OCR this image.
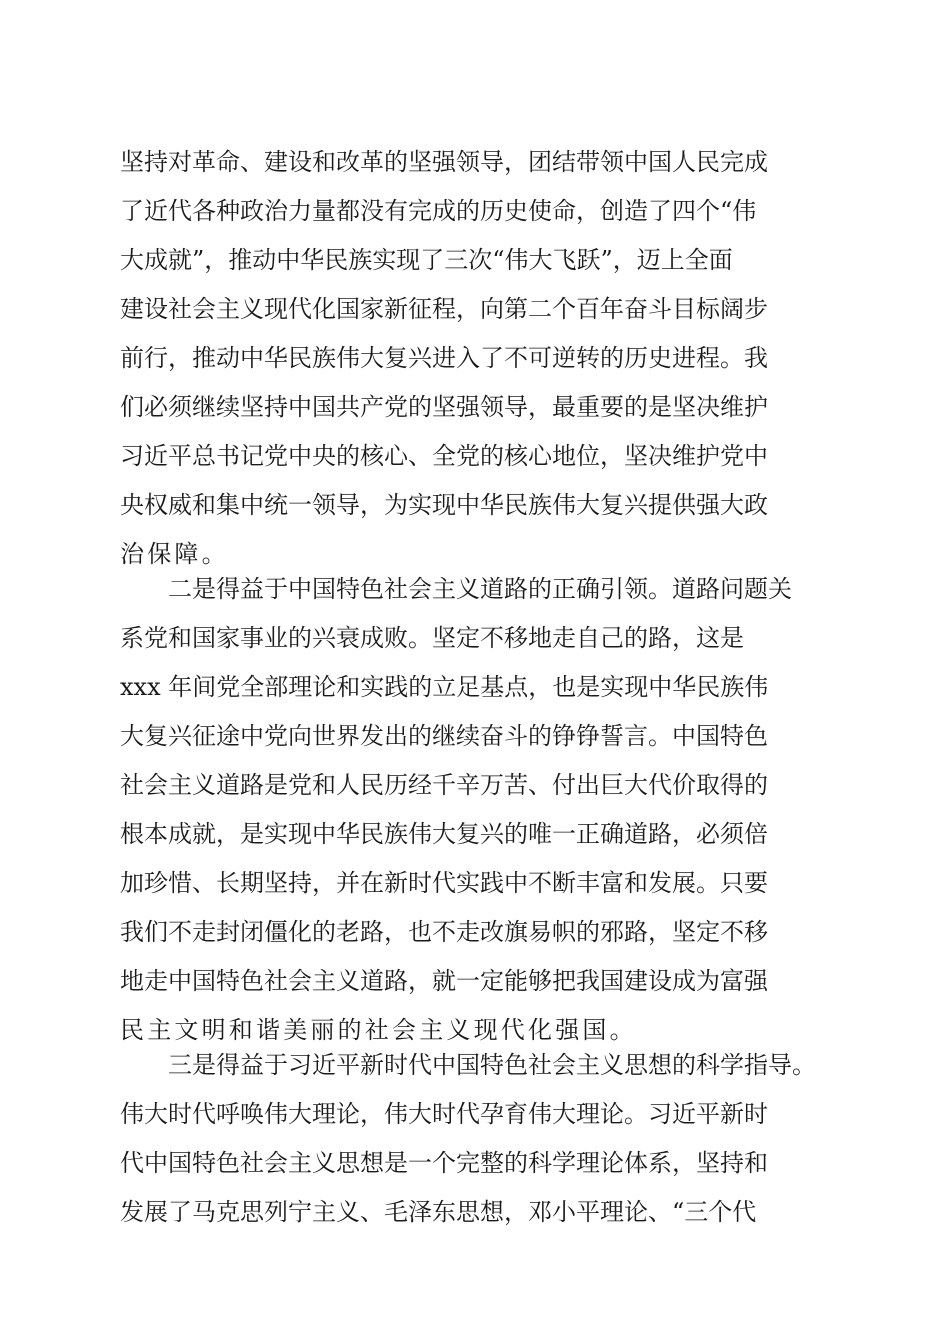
坚持对革命、建设和改革的坚强领导，团结带领中国人民完成
了近代各种政治力量都没有完成的历史使命，创造了四个“伟
大成就”，推动中华民族实现了三次“伟大飞跃”，迈上全面
建设社会主义现代化国家新征程，向第二个百年奋斗目标阔步
前行，推动中华民族伟大复兴进入了不可逆转的历史进程。我
们必须继续坚持中国共产党的坚强领导，最重要的是坚决维护
习近平总书记党中央的核心、全党的核心地位，坚决维护党中
央权威和集中统一领导，为实现中华民族伟大复兴提供强大政
治保障。
二是得益于中国特色社会主义道路的正确引领。道路问题关
系党和国家事业的兴衰成败。坚定不移地走自己的路，这是
xxx 年间党全部理论和实践的立足基点，也是实现中华民族伟
大复兴征途中党向世界发出的继续奋斗的铮铮誓言。中国特色
社会主义道路是党和人民历经千辛万苦、付出巨大代价取得的
根本成就，是实现中华民族伟大复兴的唯一正确道路，必须倍
加珍惜、长期坚持，并在新时代实践中不断丰富和发展。只要
我们不走封闭僵化的老路，也不走改旗易帜的邪路，坚定不移
地走中国特色社会主义道路，就一定能够把我国建设成为富强
民主文明和谐美丽的社会主义现代化强国。
三是得益于习近平新时代中国特色社会主义思想的科学指导。
伟大时代呼唤伟大理论，伟大时代孕育伟大理论。习近平新时
代中国特色社会主义思想是一个完整的科学理论体系，坚持和
发展了马克思列宁主义、毛泽东思想，邓小平理论、“三个代
